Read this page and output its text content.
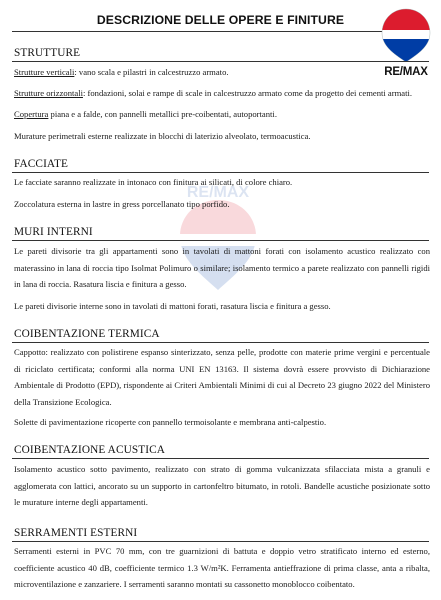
DESCRIZIONE DELLE OPERE E FINITURE
RE/MAX
RE/MAX
STRUTTURE
Strutture verticali: vano scala e pilastri in calcestruzzo armato.
Strutture orizzontali: fondazioni, solai e rampe di scale in calcestruzzo armato come da progetto dei cementi armati.
Copertura piana e a falde, con pannelli metallici pre-coibentati, autoportanti.
Murature perimetrali esterne realizzate in blocchi di laterizio alveolato, termoacustica.
FACCIATE
Le facciate saranno realizzate in intonaco con finitura ai silicati, di colore chiaro.
Zoccolatura esterna in lastre in gress porcellanato tipo porfido.
MURI INTERNI
Le pareti divisorie tra gli appartamenti sono in tavolati di mattoni forati con isolamento acustico realizzato con materassino in lana di roccia tipo Isolmat Polimuro o similare; isolamento termico a parete realizzato con pannelli rigidi in lana di roccia. Rasatura liscia e finitura a gesso.
Le pareti divisorie interne sono in tavolati di mattoni forati, rasatura liscia e finitura a gesso.
COIBENTAZIONE TERMICA
Cappotto: realizzato con polistirene espanso sinterizzato, senza pelle, prodotte con materie prime vergini e percentuale di riciclato certificata; conformi alla norma UNI EN 13163. Il sistema dovrà essere provvisto di Dichiarazione Ambientale di Prodotto (EPD), rispondente ai Criteri Ambientali Minimi di cui al Decreto 23 giugno 2022 del Ministero della Transizione Ecologica.
Solette di pavimentazione ricoperte con pannello termoisolante e membrana anti-calpestio.
COIBENTAZIONE ACUSTICA
Isolamento acustico sotto pavimento, realizzato con strato di gomma vulcanizzata sfilacciata mista a granuli e agglomerata con lattici, ancorato su un supporto in cartonfeltro bitumato, in rotoli. Bandelle acustiche posizionate sotto le murature interne degli appartamenti.
SERRAMENTI ESTERNI
Serramenti esterni in PVC 70 mm, con tre guarnizioni di battuta e doppio vetro stratificato interno ed esterno, coefficiente acustico 40 dB, coefficiente termico 1.3 W/m²K. Ferramenta antieffrazione di prima classe, anta a ribalta, microventilazione e zanzariere. I serramenti saranno montati su cassonetto monoblocco coibentato.
